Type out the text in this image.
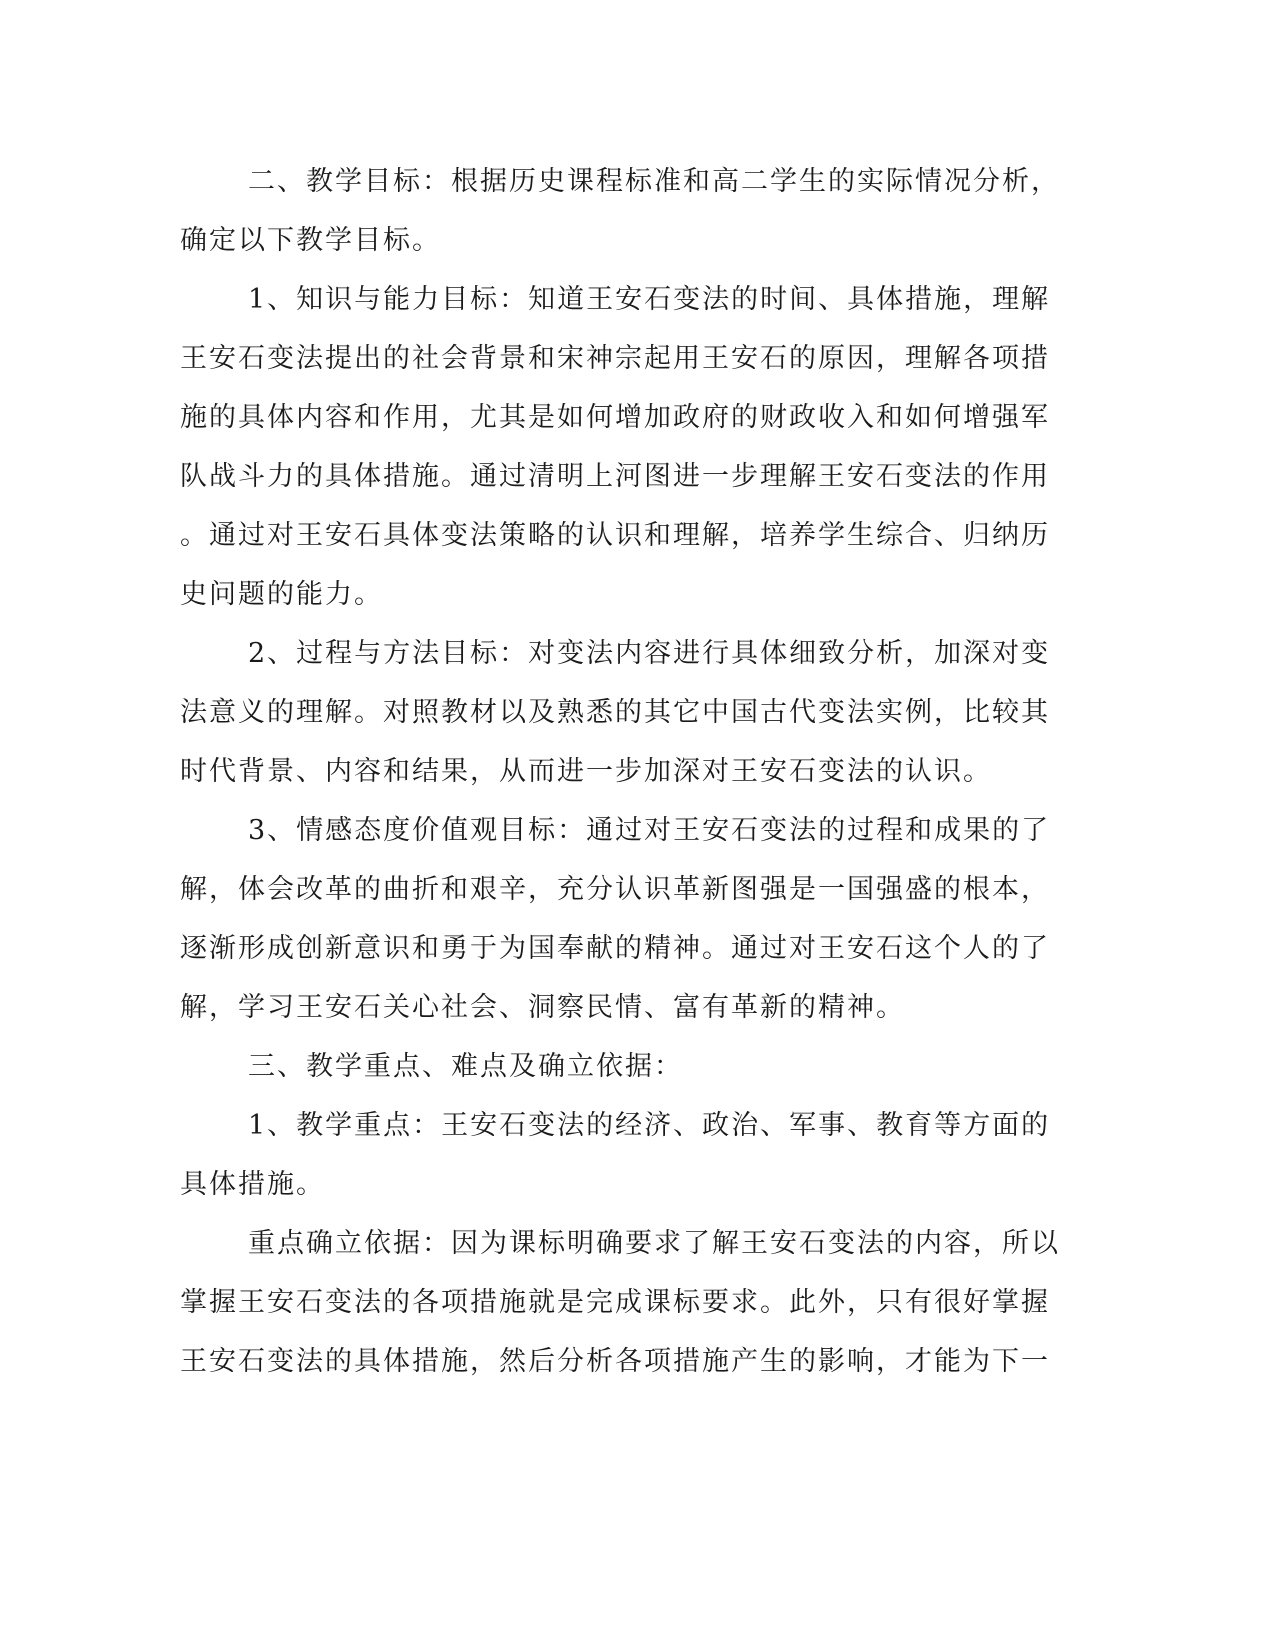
二、教学目标：根据历史课程标准和高二学生的实际情况分析，
确定以下教学目标。
1、知识与能力目标：知道王安石变法的时间、具体措施，理解
王安石变法提出的社会背景和宋神宗起用王安石的原因，理解各项措
施的具体内容和作用，尤其是如何增加政府的财政收入和如何增强军
队战斗力的具体措施。通过清明上河图进一步理解王安石变法的作用
。通过对王安石具体变法策略的认识和理解，培养学生综合、归纳历
史问题的能力。
2、过程与方法目标：对变法内容进行具体细致分析，加深对变
法意义的理解。对照教材以及熟悉的其它中国古代变法实例，比较其
时代背景、内容和结果，从而进一步加深对王安石变法的认识。
3、情感态度价值观目标：通过对王安石变法的过程和成果的了
解，体会改革的曲折和艰辛，充分认识革新图强是一国强盛的根本，
逐渐形成创新意识和勇于为国奉献的精神。通过对王安石这个人的了
解，学习王安石关心社会、洞察民情、富有革新的精神。
三、教学重点、难点及确立依据：
1、教学重点：王安石变法的经济、政治、军事、教育等方面的
具体措施。
重点确立依据：因为课标明确要求了解王安石变法的内容，所以
掌握王安石变法的各项措施就是完成课标要求。此外，只有很好掌握
王安石变法的具体措施，然后分析各项措施产生的影响，才能为下一
